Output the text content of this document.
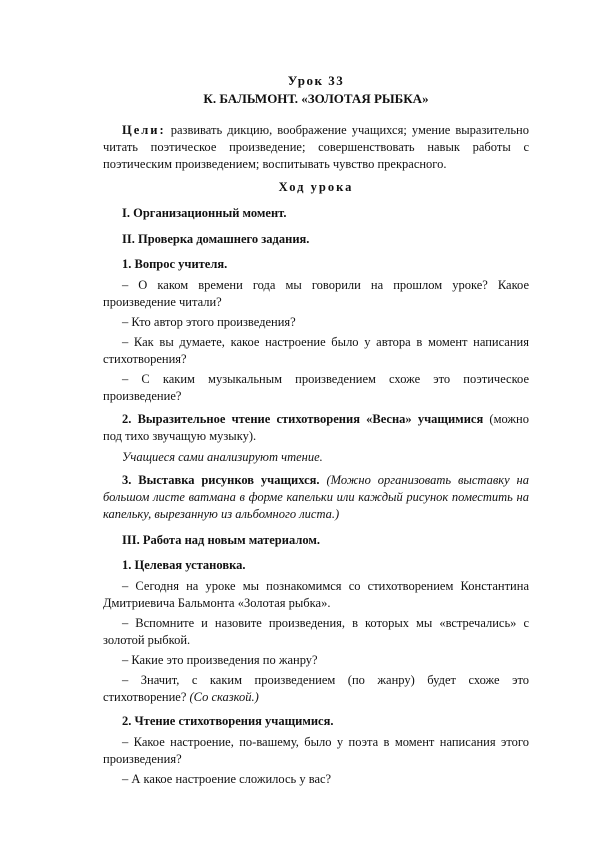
Урок 33
К. БАЛЬМОНТ. «ЗОЛОТАЯ РЫБКА»

Цели: развивать дикцию, воображение учащихся; умение выразительно читать поэтическое произведение; совершенствовать навык работы с поэтическим произведением; воспитывать чувство прекрасного.

Ход урока

I. Организационный момент.

II. Проверка домашнего задания.

1. Вопрос учителя.

– О каком времени года мы говорили на прошлом уроке? Какое произведение читали?

– Кто автор этого произведения?

– Как вы думаете, какое настроение было у автора в момент написания стихотворения?

– С каким музыкальным произведением схоже это поэтическое произведение?

2. Выразительное чтение стихотворения «Весна» учащимися (можно под тихо звучащую музыку).

Учащиеся сами анализируют чтение.

3. Выставка рисунков учащихся. (Можно организовать выставку на большом листе ватмана в форме капельки или каждый рисунок поместить на капельку, вырезанную из альбомного листа.)

III. Работа над новым материалом.

1. Целевая установка.

– Сегодня на уроке мы познакомимся со стихотворением Константина Дмитриевича Бальмонта «Золотая рыбка».

– Вспомните и назовите произведения, в которых мы «встречались» с золотой рыбкой.

– Какие это произведения по жанру?

– Значит, с каким произведением (по жанру) будет схоже это стихотворение? (Со сказкой.)

2. Чтение стихотворения учащимися.

– Какое настроение, по-вашему, было у поэта в момент написания этого произведения?

– А какое настроение сложилось у вас?
